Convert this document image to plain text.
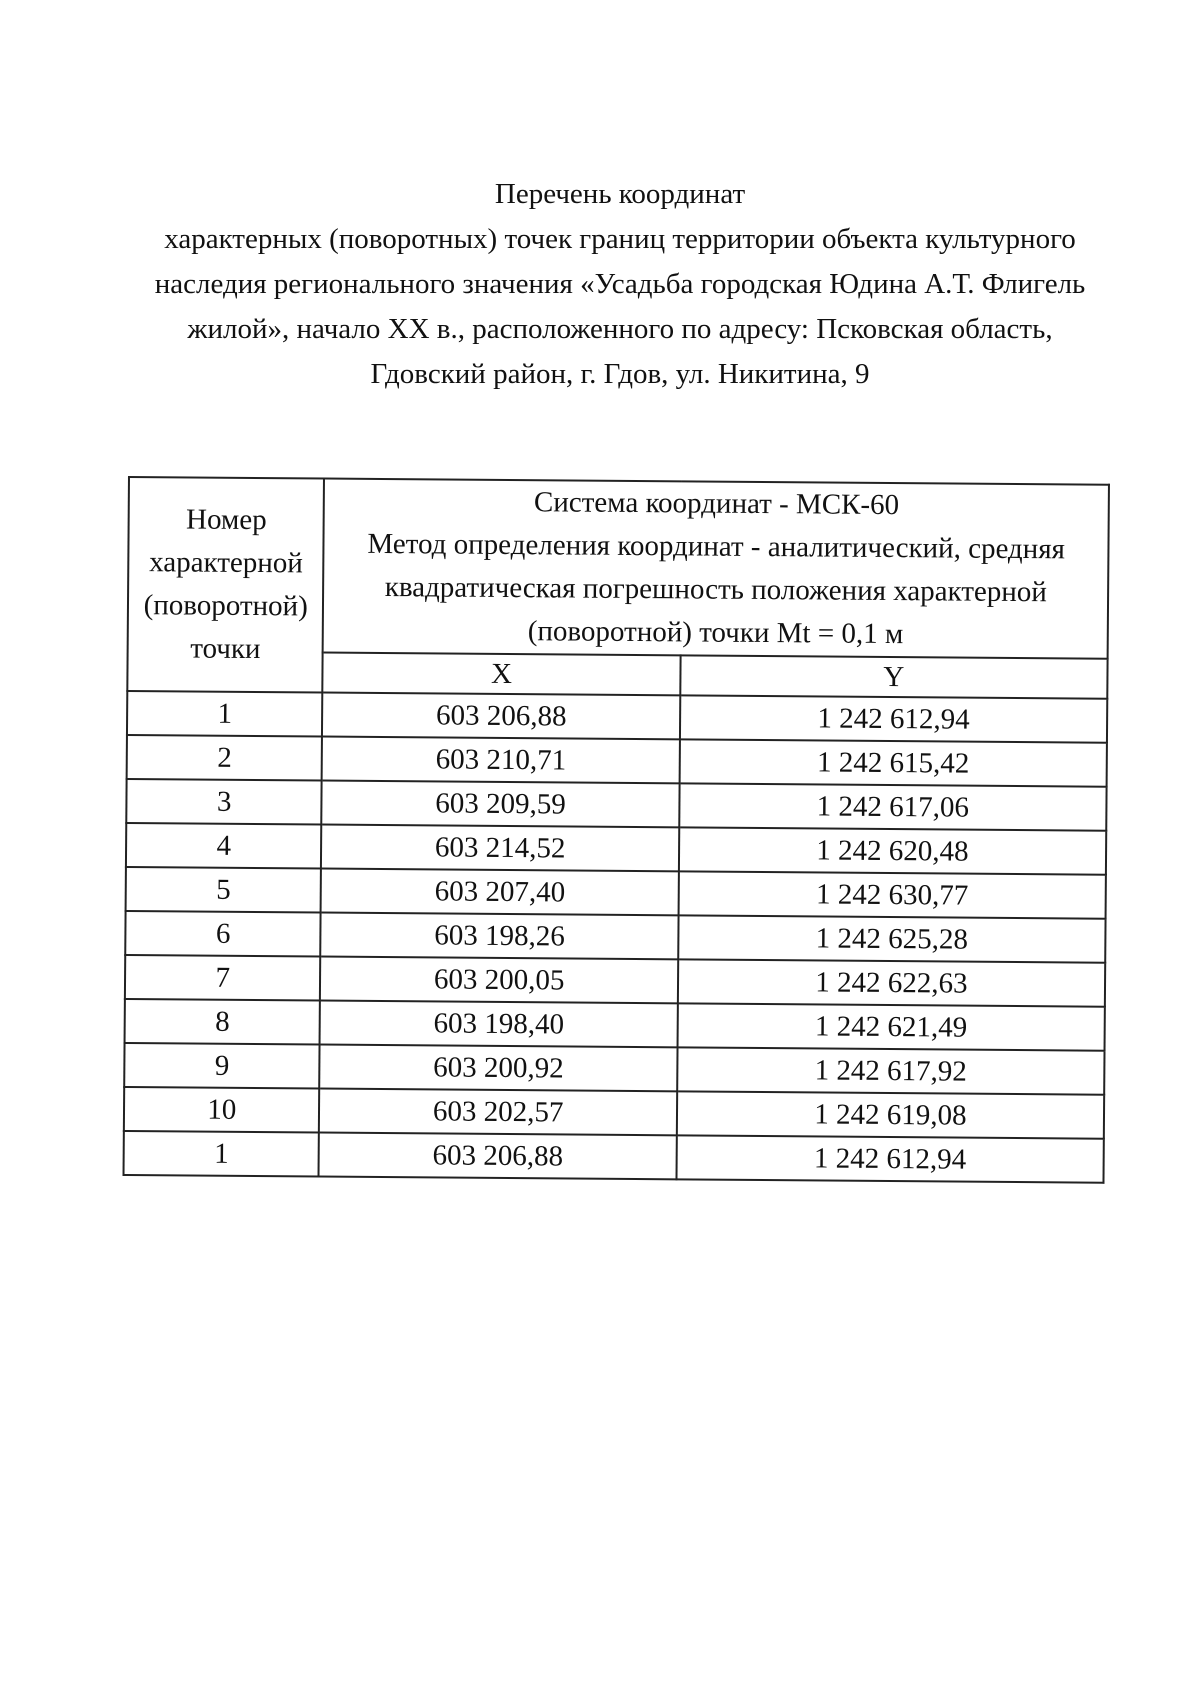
Перечень координат
характерных (поворотных) точек границ территории объекта культурного
наследия регионального значения «Усадьба городская Юдина А.Т. Флигель
жилой», начало XX в., расположенного по адресу: Псковская область,
Гдовский район, г. Гдов, ул. Никитина, 9
Номер
характерной
(поворотной)
точки	Система координат - МСК-60
Метод определения координат - аналитический, средняя
квадратическая погрешность положения характерной
(поворотной) точки Mt = 0,1 м	

	X	Y
1	603 206,88	1 242 612,94
2	603 210,71	1 242 615,42
3	603 209,59	1 242 617,06
4	603 214,52	1 242 620,48
5	603 207,40	1 242 630,77
6	603 198,26	1 242 625,28
7	603 200,05	1 242 622,63
8	603 198,40	1 242 621,49
9	603 200,92	1 242 617,92
10	603 202,57	1 242 619,08
1	603 206,88	1 242 612,94
